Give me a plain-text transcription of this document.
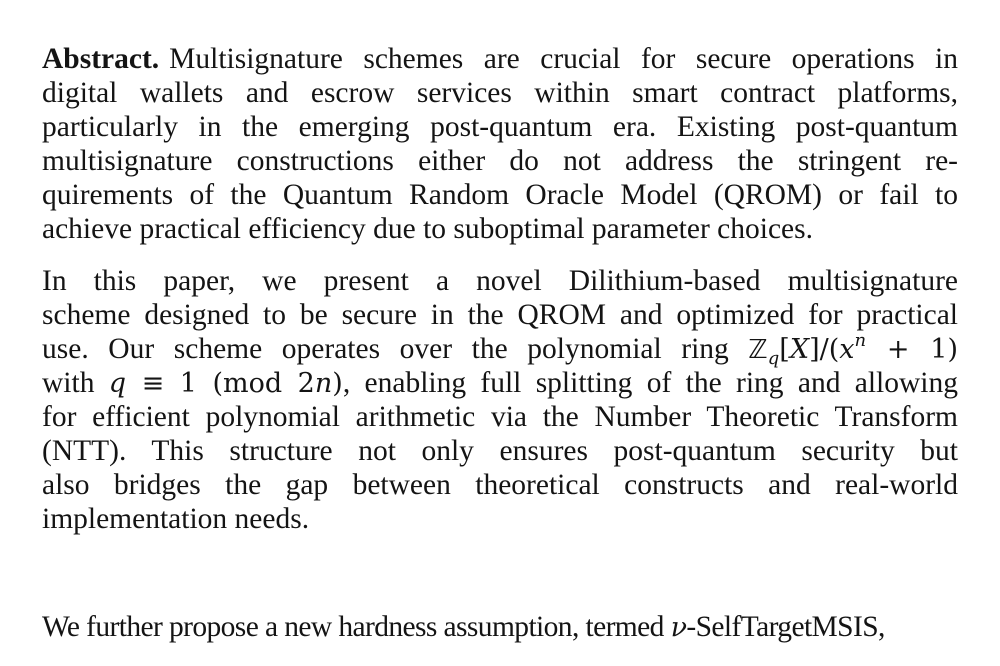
Abstract. Multisignature schemes are crucial for secure operations in
digital wallets and escrow services within smart contract platforms,
particularly in the emerging post-quantum era. Existing post-quantum
multisignature constructions either do not address the stringent re-
quirements of the Quantum Random Oracle Model (QROM) or fail to
achieve practical efficiency due to suboptimal parameter choices.

In this paper, we present a novel Dilithium-based multisignature
scheme designed to be secure in the QROM and optimized for practical
use. Our scheme operates over the polynomial ring $ℤ_q[X]/(x^n + 1)$
with q ≡ 1 (mod 2n), enabling full splitting of the ring and allowing
for efficient polynomial arithmetic via the Number Theoretic Transform
(NTT). This structure not only ensures post-quantum security but
also bridges the gap between theoretical constructs and real-world
implementation needs.

We further propose a new hardness assumption, termed ν-SelfTargetMSIS,
